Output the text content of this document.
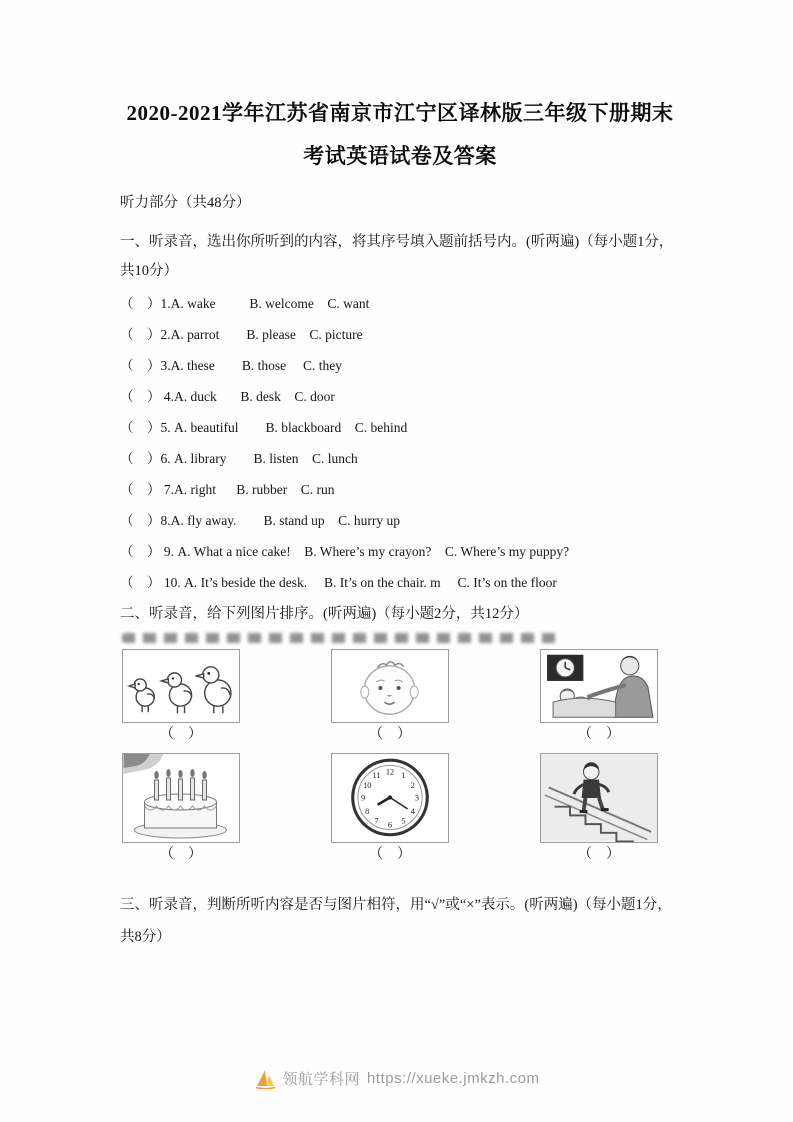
2020-2021学年江苏省南京市江宁区译林版三年级下册期末
考试英语试卷及答案
听力部分（共48分）
一、听录音，选出你所听到的内容，将其序号填入题前括号内。(听两遍)（每小题1分，共10分）
（    ）1.A. wake          B. welcome    C. want
（    ）2.A. parrot        B. please    C. picture
（    ）3.A. these        B. those     C. they
（    ） 4.A. duck       B. desk    C. door
（    ）5. A. beautiful        B. blackboard    C. behind
（    ）6. A. library        B. listen    C. lunch
（    ） 7.A. right      B. rubber    C. run
（    ）8.A. fly away.        B. stand up    C. hurry up
（    ） 9. A. What a nice cake!    B. Where’s my crayon?    C. Where’s my puppy?
（    ） 10. A. It’s beside the desk.     B. It’s on the chair. m     C. It’s on the floor
二、听录音，给下列图片排序。(听两遍)（每小题2分，共12分）
（    ）	（    ）	（    ）
（    ）
12 1
2
3
4
5
6
7
8
9
10
11
（    ）	（    ）
三、听录音，判断所听内容是否与图片相符，用“√”或“×”表示。(听两遍)（每小题1分，共8分）
领航学科网 https://xueke.jmkzh.com
